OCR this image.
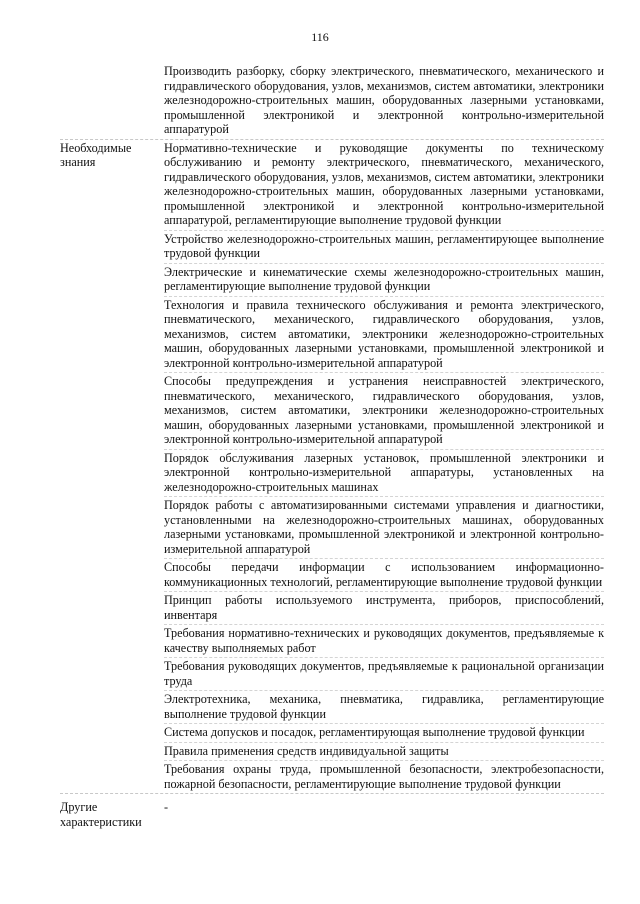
116
Производить разборку, сборку электрического, пневматического, механического и гидравлического оборудования, узлов, механизмов, систем автоматики, электроники железнодорожно-строительных машин, оборудованных лазерными установками, промышленной электроникой и электронной контрольно-измерительной аппаратурой
Необходимые знания
Нормативно-технические и руководящие документы по техническому обслуживанию и ремонту электрического, пневматического, механического, гидравлического оборудования, узлов, механизмов, систем автоматики, электроники железнодорожно-строительных машин, оборудованных лазерными установками, промышленной электроникой и электронной контрольно-измерительной аппаратурой, регламентирующие выполнение трудовой функции
Устройство железнодорожно-строительных машин, регламентирующее выполнение трудовой функции
Электрические и кинематические схемы железнодорожно-строительных машин, регламентирующие выполнение трудовой функции
Технология и правила технического обслуживания и ремонта электрического, пневматического, механического, гидравлического оборудования, узлов, механизмов, систем автоматики, электроники железнодорожно-строительных машин, оборудованных лазерными установками, промышленной электроникой и электронной контрольно-измерительной аппаратурой
Способы предупреждения и устранения неисправностей электрического, пневматического, механического, гидравлического оборудования, узлов, механизмов, систем автоматики, электроники железнодорожно-строительных машин, оборудованных лазерными установками, промышленной электроникой и электронной контрольно-измерительной аппаратурой
Порядок обслуживания лазерных установок, промышленной электроники и электронной контрольно-измерительной аппаратуры, установленных на железнодорожно-строительных машинах
Порядок работы с автоматизированными системами управления и диагностики, установленными на железнодорожно-строительных машинах, оборудованных лазерными установками, промышленной электроникой и электронной контрольно-измерительной аппаратурой
Способы передачи информации с использованием информационно-коммуникационных технологий, регламентирующие выполнение трудовой функции
Принцип работы используемого инструмента, приборов, приспособлений, инвентаря
Требования нормативно-технических и руководящих документов, предъявляемые к качеству выполняемых работ
Требования руководящих документов, предъявляемые к рациональной организации труда
Электротехника, механика, пневматика, гидравлика, регламентирующие выполнение трудовой функции
Система допусков и посадок, регламентирующая выполнение трудовой функции
Правила применения средств индивидуальной защиты
Требования охраны труда, промышленной безопасности, электробезопасности, пожарной безопасности, регламентирующие выполнение трудовой функции
Другие характеристики
-
